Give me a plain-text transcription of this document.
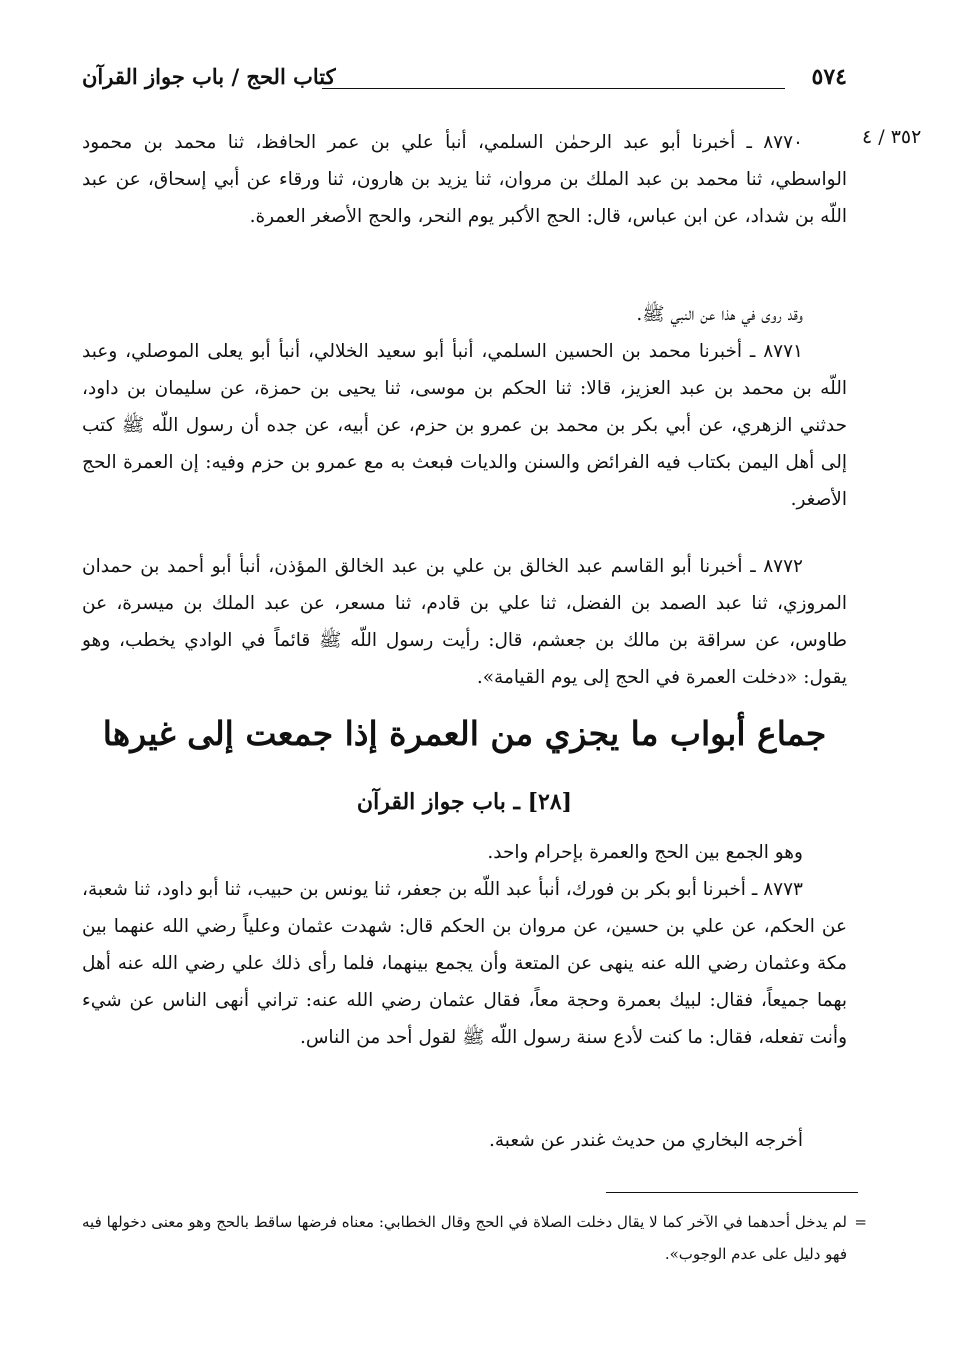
٥٧٤
كتاب الحج / باب جواز القرآن
٣٥٢ / ٤

٨٧٧٠ ـ أخبرنا أبو عبد الرحمٰن السلمي، أنبأ علي بن عمر الحافظ، ثنا محمد بن محمود الواسطي، ثنا محمد بن عبد الملك بن مروان، ثنا يزيد بن هارون، ثنا ورقاء عن أبي إسحاق، عن عبد اللّه بن شداد، عن ابن عباس، قال: الحج الأكبر يوم النحر، والحج الأصغر العمرة.

وقد روى في هذا عن النبي ﷺ.

٨٧٧١ ـ أخبرنا محمد بن الحسين السلمي، أنبأ أبو سعيد الخلالي، أنبأ أبو يعلى الموصلي، وعبد اللّه بن محمد بن عبد العزيز، قالا: ثنا الحكم بن موسى، ثنا يحيى بن حمزة، عن سليمان بن داود، حدثني الزهري، عن أبي بكر بن محمد بن عمرو بن حزم، عن أبيه، عن جده أن رسول اللّه ﷺ كتب إلى أهل اليمن بكتاب فيه الفرائض والسنن والديات فبعث به مع عمرو بن حزم وفيه: إن العمرة الحج الأصغر.

٨٧٧٢ ـ أخبرنا أبو القاسم عبد الخالق بن علي بن عبد الخالق المؤذن، أنبأ أبو أحمد بن حمدان المروزي، ثنا عبد الصمد بن الفضل، ثنا علي بن قادم، ثنا مسعر، عن عبد الملك بن ميسرة، عن طاوس، عن سراقة بن مالك بن جعشم، قال: رأيت رسول اللّه ﷺ قائماً في الوادي يخطب، وهو يقول: «دخلت العمرة في الحج إلى يوم القيامة».

جماع أبواب ما يجزي من العمرة إذا جمعت إلى غيرها
[٢٨] ـ باب جواز القرآن

وهو الجمع بين الحج والعمرة بإحرام واحد.

٨٧٧٣ ـ أخبرنا أبو بكر بن فورك، أنبأ عبد اللّه بن جعفر، ثنا يونس بن حبيب، ثنا أبو داود، ثنا شعبة، عن الحكم، عن علي بن حسين، عن مروان بن الحكم قال: شهدت عثمان وعلياً رضي الله عنهما بين مكة وعثمان رضي الله عنه ينهى عن المتعة وأن يجمع بينهما، فلما رأى ذلك علي رضي الله عنه أهل بهما جميعاً، فقال: لبيك بعمرة وحجة معاً، فقال عثمان رضي الله عنه: تراني أنهى الناس عن شيء وأنت تفعله، فقال: ما كنت لأدع سنة رسول اللّه ﷺ لقول أحد من الناس.

أخرجه البخاري من حديث غندر عن شعبة.

=
لم يدخل أحدهما في الآخر كما لا يقال دخلت الصلاة في الحج وقال الخطابي: معناه فرضها ساقط بالحج وهو معنى دخولها فيه فهو دليل على عدم الوجوب».
